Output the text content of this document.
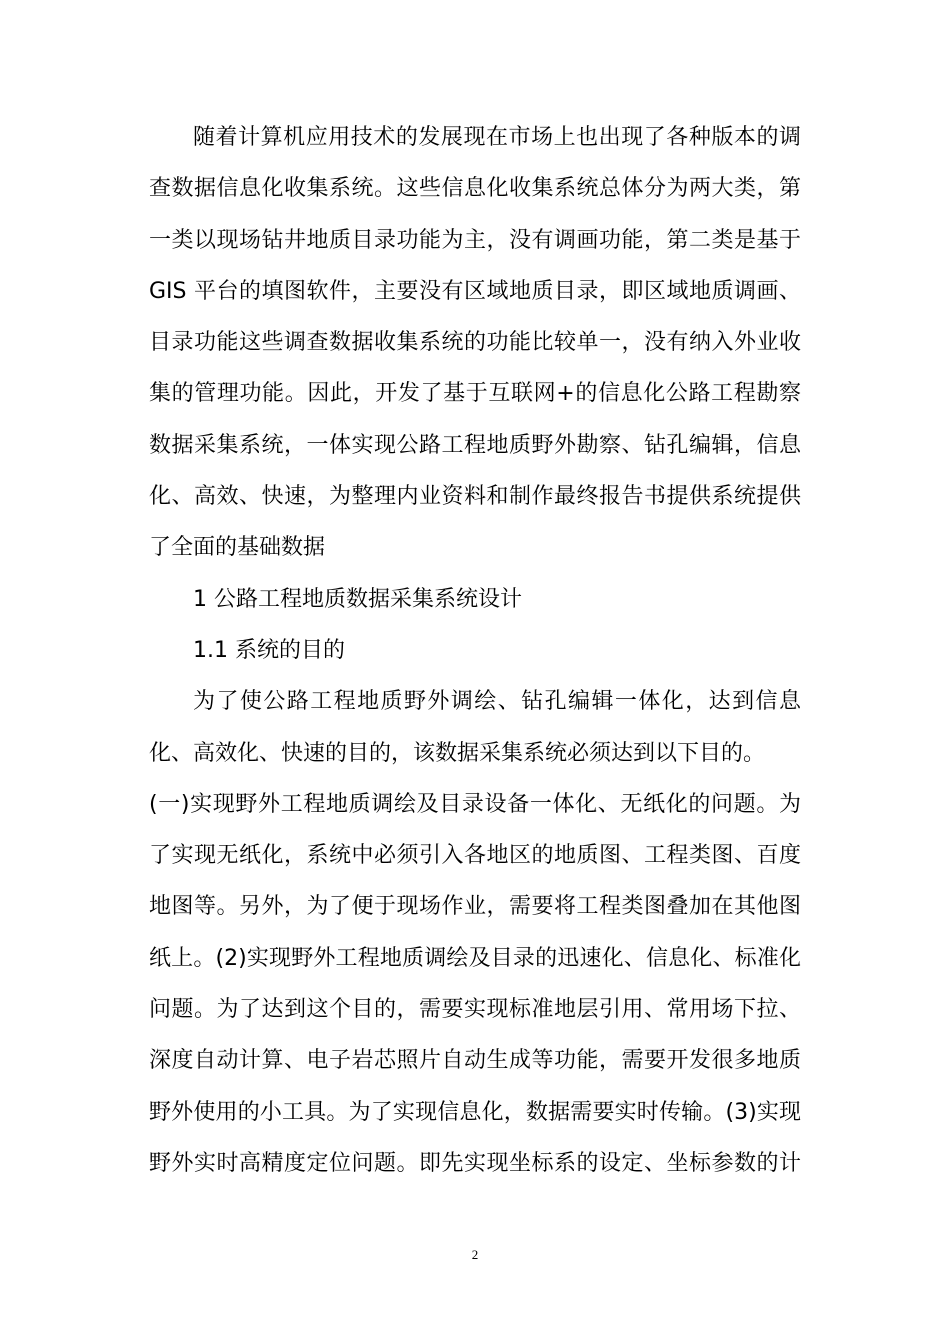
随着计算机应用技术的发展现在市场上也出现了各种版本的调
查数据信息化收集系统。这些信息化收集系统总体分为两大类，第
一类以现场钻井地质目录功能为主，没有调画功能，第二类是基于
GIS 平台的填图软件，主要没有区域地质目录，即区域地质调画、
目录功能这些调查数据收集系统的功能比较单一，没有纳入外业收
集的管理功能。因此，开发了基于互联网+的信息化公路工程勘察
数据采集系统，一体实现公路工程地质野外勘察、钻孔编辑，信息
化、高效、快速，为整理内业资料和制作最终报告书提供系统提供
了全面的基础数据
1 公路工程地质数据采集系统设计
1.1 系统的目的
为了使公路工程地质野外调绘、钻孔编辑一体化，达到信息
化、高效化、快速的目的，该数据采集系统必须达到以下目的。
(一)实现野外工程地质调绘及目录设备一体化、无纸化的问题。为
了实现无纸化，系统中必须引入各地区的地质图、工程类图、百度
地图等。另外，为了便于现场作业，需要将工程类图叠加在其他图
纸上。(2)实现野外工程地质调绘及目录的迅速化、信息化、标准化
问题。为了达到这个目的，需要实现标准地层引用、常用场下拉、
深度自动计算、电子岩芯照片自动生成等功能，需要开发很多地质
野外使用的小工具。为了实现信息化，数据需要实时传输。(3)实现
野外实时高精度定位问题。即先实现坐标系的设定、坐标参数的计
2
